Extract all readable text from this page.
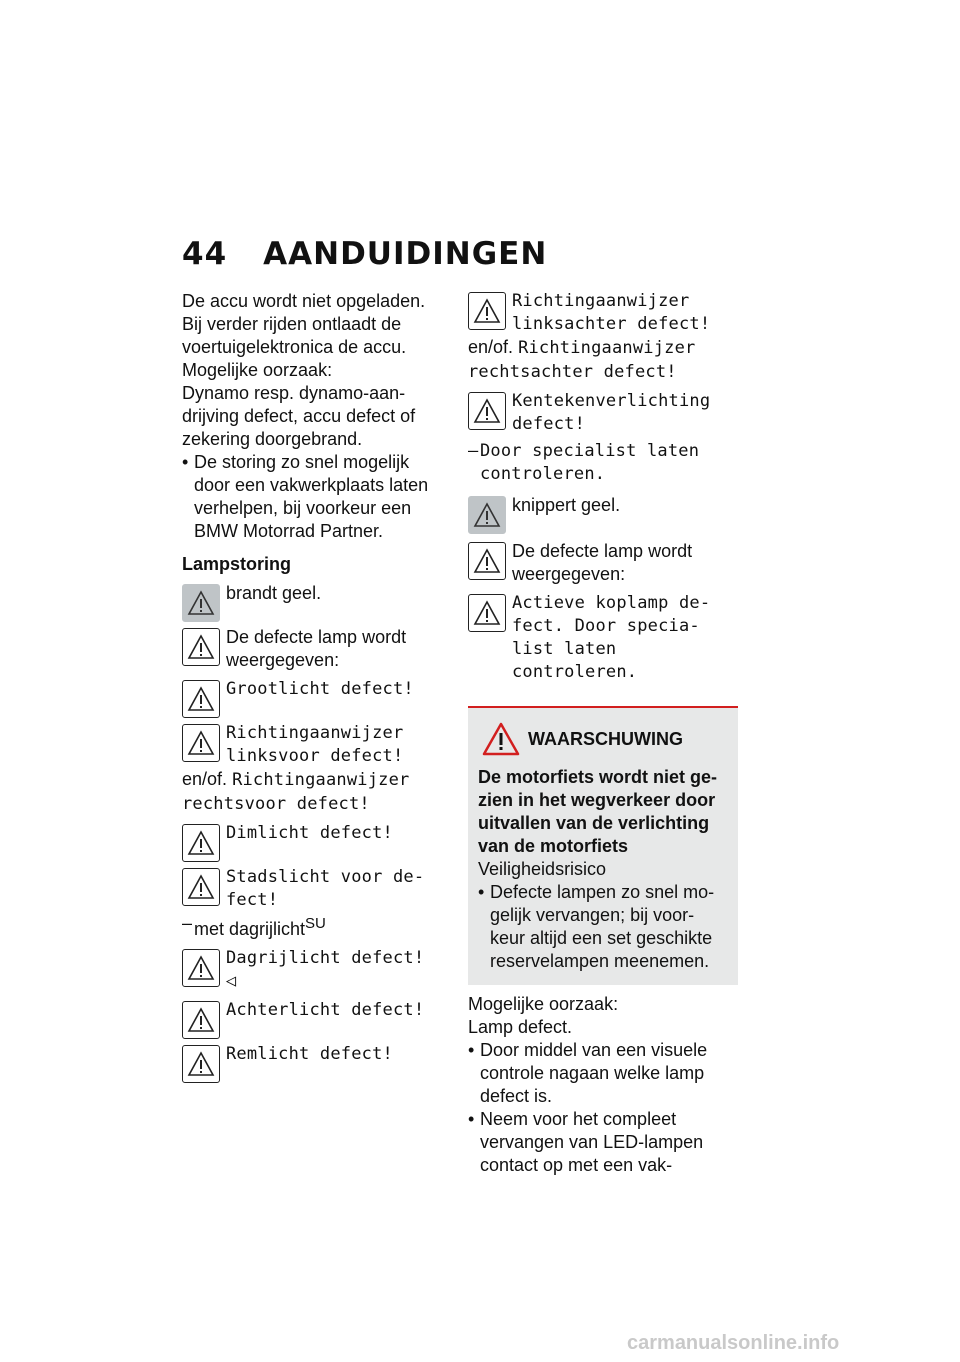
44 AANDUIDINGEN

De accu wordt niet opgeladen.

Bij verder rijden ontlaadt de voertuigelektronica de accu.

Mogelijke oorzaak:

Dynamo resp. dynamo-aan-drijving defect, accu defect of zekering doorgebrand.

• De storing zo snel mogelijk door een vakwerkplaats laten verhelpen, bij voorkeur een BMW Motorrad Partner.

Lampstoring

brandt geel.

De defecte lamp wordt weergegeven:

Grootlicht defect!

Richtingaanwijzer linksvoor defect!

en/of. Richtingaanwijzer rechtsvoor defect!

Dimlicht defect!

Stadslicht voor de-fect!

– met dagrijlicht$^{SU}$

Dagrijlicht defect! ◁

Achterlicht defect!

Remlicht defect!

Richtingaanwijzer linksachter defect!

en/of. Richtingaanwijzer rechtsachter defect!

Kentekenverlichting defect!

– Door specialist laten controleren.

knippert geel.

De defecte lamp wordt weergegeven:

Actieve koplamp de-fect. Door specia-list laten controleren.

WAARSCHUWING

De motorfiets wordt niet ge-zien in het wegverkeer door uitvallen van de verlichting van de motorfiets

Veiligheidsrisico

• Defecte lampen zo snel mo-gelijk vervangen; bij voor-keur altijd een set geschikte reservelampen meenemen.

Mogelijke oorzaak:

Lamp defect.

• Door middel van een visuele controle nagaan welke lamp defect is.

• Neem voor het compleet vervangen van LED-lampen contact op met een vak-

carmanualsonline.info
